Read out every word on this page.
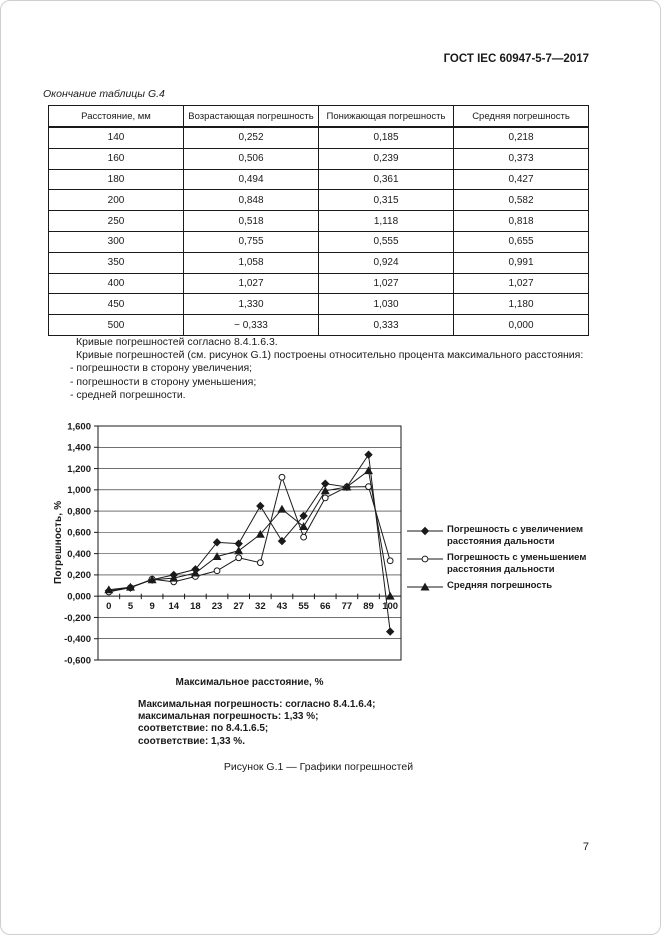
ГОСТ IEC 60947-5-7—2017
Окончание таблицы G.4
Расстояние, мм	Возрастающая погрешность	Понижающая погрешность	Средняя погрешность
140	0,252	0,185	0,218
160	0,506	0,239	0,373
180	0,494	0,361	0,427
200	0,848	0,315	0,582
250	0,518	1,118	0,818
300	0,755	0,555	0,655
350	1,058	0,924	0,991
400	1,027	1,027	1,027
450	1,330	1,030	1,180
500	− 0,333	0,333	0,000
Кривые погрешностей согласно 8.4.1.6.3.
Кривые погрешностей (см. рисунок G.1) построены относительно процента максимального расстояния:
- погрешности в сторону увеличения;
- погрешности в сторону уменьшения;
- средней погрешности.
Погрешность, %
1,600
1,400
1,200
1,000
0,800
0,600
0,400
0,200
0,000
-0,200
-0,400
-0,600
0 5 9 14 18 23 27 32 43 55 66 77 89 100
Погрешность с увеличением расстояния дальности
Погрешность с уменьшением расстояния дальности
Средняя погрешность
Максимальное расстояние, %
Максимальная погрешность: согласно 8.4.1.6.4;
максимальная погрешность: 1,33 %;
соответствие: по 8.4.1.6.5;
соответствие: 1,33 %.
Рисунок G.1 — Графики погрешностей
7
